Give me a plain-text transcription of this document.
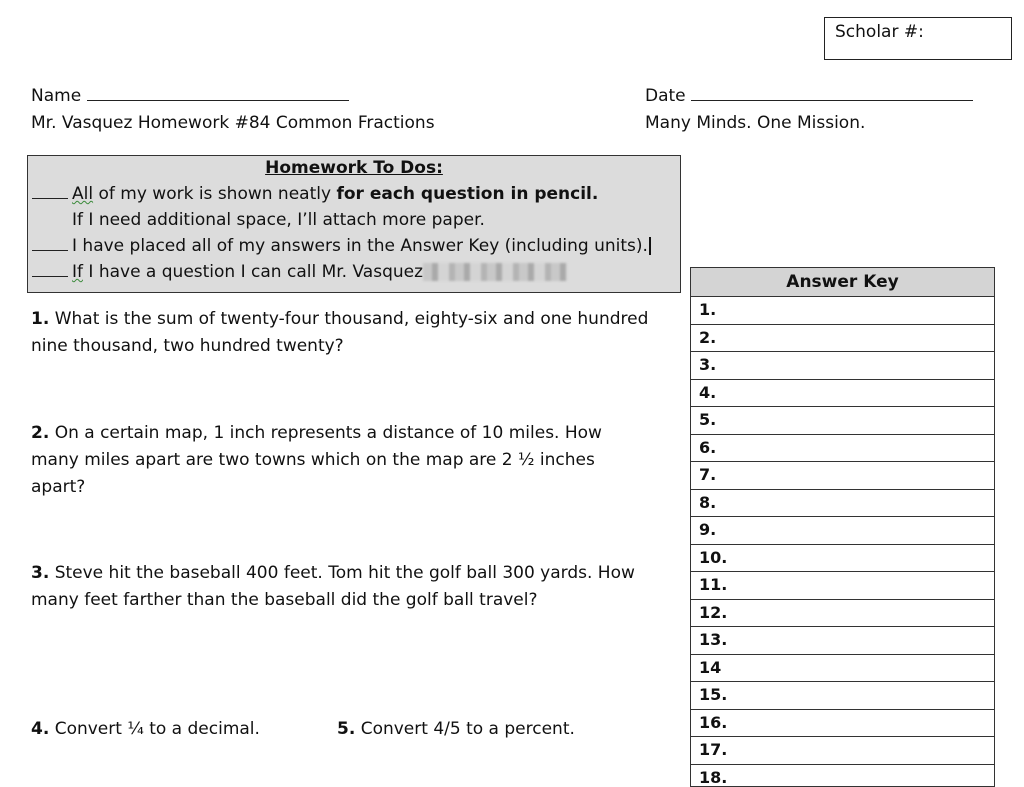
Scholar #:
Name	Date
Mr. Vasquez Homework #84 Common Fractions	Many Minds. One Mission.
Homework To Dos:
All of my work is shown neatly for each question in pencil.
If I need additional space, I’ll attach more paper.
I have placed all of my answers in the Answer Key (including units).
If I have a question I can call Mr. Vasquez
1. What is the sum of twenty-four thousand, eighty-six and one hundred nine thousand, two hundred twenty?
2. On a certain map, 1 inch represents a distance of 10 miles. How many miles apart are two towns which on the map are 2 ½ inches apart?
3. Steve hit the baseball 400 feet. Tom hit the golf ball 300 yards. How many feet farther than the baseball did the golf ball travel?
4. Convert ¼ to a decimal.	5. Convert 4/5 to a percent.
Answer Key
1.
2.
3.
4.
5.
6.
7.
8.
9.
10.
11.
12.
13.
14
15.
16.
17.
18.
